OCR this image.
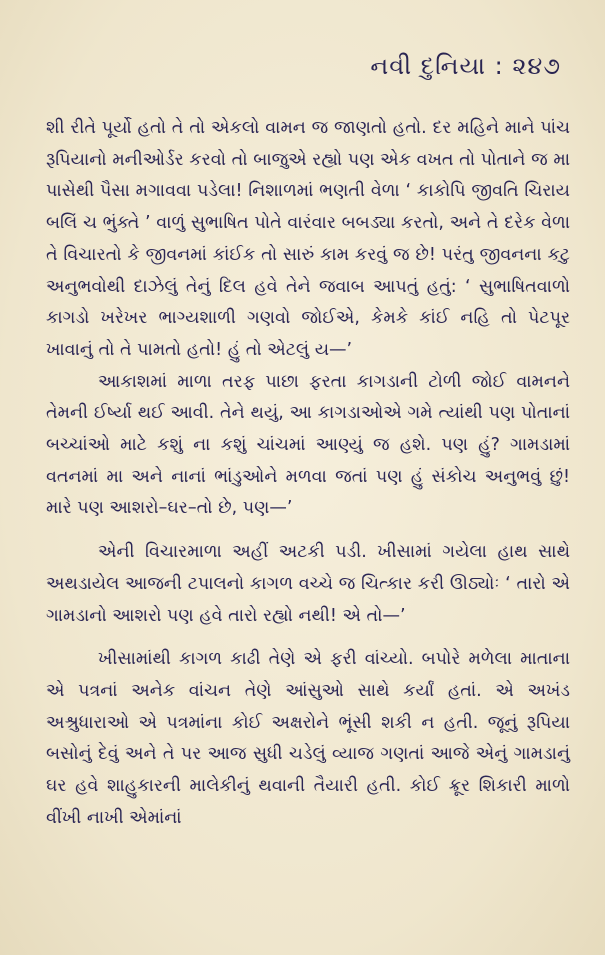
નવી દુનિયા : ૨૪૭

શી રીતે પૂર્યો હતો તે તો એકલો વામન જ જાણતો હતો. દર મહિને માને પાંચ રૂપિયાનો મનીઓર્ડર કરવો તો બાજુએ રહ્યો પણ એક વખત તો પોતાને જ મા પાસેથી પૈસા મગાવવા પડેલા! નિશાળમાં ભણતી વેળા ‘ કાકોપિ જીવતિ ચિરાય બલિં ચ ભુંક્તે ’ વાળું સુભાષિત પોતે વારંવાર બબડ્યા કરતો, અને તે દરેક વેળા તે વિચારતો કે જીવનમાં કાંઈક તો સારું કામ કરવું જ છે! પરંતુ જીવનના કટુ અનુભવોથી દાઝેલું તેનું દિલ હવે તેને જવાબ આપતું હતું: ‘ સુભાષિતવાળો કાગડો ખરેખર ભાગ્યશાળી ગણવો જોઈએ, કેમકે કાંઈ નહિ તો પેટપૂર ખાવાનું તો તે પામતો હતો! હું તો એટલું ય—’

આકાશમાં માળા તરફ પાછા ફરતા કાગડાની ટોળી જોઈ વામનને તેમની ઈર્ષ્યા થઈ આવી. તેને થયું, આ કાગડાઓએ ગમે ત્યાંથી પણ પોતાનાં બચ્ચાંઓ માટે કશું ના કશું ચાંચમાં આણ્યું જ હશે. પણ હું? ગામડામાં વતનમાં મા અને નાનાં ભાંડુઓને મળવા જતાં પણ હું સંકોચ અનુભવું છું! મારે પણ આશરો–ઘર–તો છે, પણ—’

એની વિચારમાળા અહીં અટકી પડી. ખીસામાં ગયેલા હાથ સાથે અથડાયેલ આજની ટપાલનો કાગળ વચ્ચે જ ચિત્કાર કરી ઊઠ્યોઃ ‘ તારો એ ગામડાનો આશરો પણ હવે તારો રહ્યો નથી! એ તો—’

ખીસામાંથી કાગળ કાઢી તેણે એ ફરી વાંચ્યો. બપોરે મળેલા માતાના એ પત્રનાં અનેક વાંચન તેણે આંસુઓ સાથે કર્યાં હતાં. એ અખંડ અશ્રુધારાઓ એ પત્રમાંના કોઈ અક્ષરોને ભૂંસી શકી ન હતી. જૂનું રૂપિયા બસોનું દેવું અને તે પર આજ સુધી ચડેલું વ્યાજ ગણતાં આજે એનું ગામડાનું ઘર હવે શાહુકારની માલેકીનું થવાની તૈયારી હતી. કોઈ ક્રૂર શિકારી માળો વીંખી નાખી એમાંનાં
